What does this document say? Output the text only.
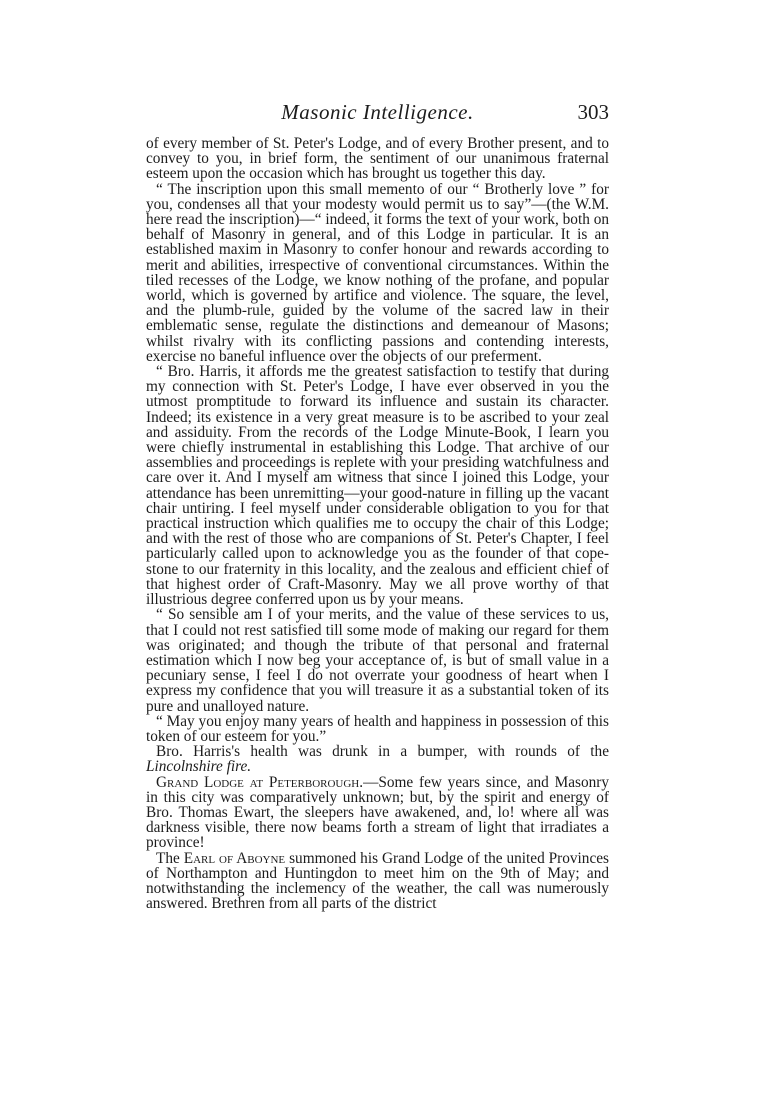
Masonic Intelligence.	303

of every member of St. Peter's Lodge, and of every Brother present, and to convey to you, in brief form, the sentiment of our unanimous fraternal esteem upon the occasion which has brought us together this day.

“ The inscription upon this small memento of our “ Brotherly love ” for you, condenses all that your modesty would permit us to say”—(the W.M. here read the inscription)—“ indeed, it forms the text of your work, both on behalf of Masonry in general, and of this Lodge in particular. It is an established maxim in Masonry to confer honour and rewards according to merit and abilities, irrespective of conventional circumstances. Within the tiled recesses of the Lodge, we know nothing of the profane, and popular world, which is governed by artifice and violence. The square, the level, and the plumb-rule, guided by the volume of the sacred law in their emblematic sense, regulate the distinctions and demeanour of Masons; whilst rivalry with its conflicting passions and contending interests, exercise no baneful influence over the objects of our preferment.

“ Bro. Harris, it affords me the greatest satisfaction to testify that during my connection with St. Peter's Lodge, I have ever observed in you the utmost promptitude to forward its influence and sustain its character. Indeed; its existence in a very great measure is to be ascribed to your zeal and assiduity. From the records of the Lodge Minute-Book, I learn you were chiefly instrumental in establishing this Lodge. That archive of our assemblies and proceedings is replete with your presiding watchfulness and care over it. And I myself am witness that since I joined this Lodge, your attendance has been unremitting—your good-nature in filling up the vacant chair untiring. I feel myself under considerable obligation to you for that practical instruction which qualifies me to occupy the chair of this Lodge; and with the rest of those who are companions of St. Peter's Chapter, I feel particularly called upon to acknowledge you as the founder of that cope-stone to our fraternity in this locality, and the zealous and efficient chief of that highest order of Craft-Masonry. May we all prove worthy of that illustrious degree conferred upon us by your means.

“ So sensible am I of your merits, and the value of these services to us, that I could not rest satisfied till some mode of making our regard for them was originated; and though the tribute of that personal and fraternal estimation which I now beg your acceptance of, is but of small value in a pecuniary sense, I feel I do not overrate your goodness of heart when I express my confidence that you will treasure it as a substantial token of its pure and unalloyed nature.

“ May you enjoy many years of health and happiness in possession of this token of our esteem for you.”

Bro. Harris's health was drunk in a bumper, with rounds of the Lincolnshire fire.

Grand Lodge at Peterborough.—Some few years since, and Masonry in this city was comparatively unknown; but, by the spirit and energy of Bro. Thomas Ewart, the sleepers have awakened, and, lo! where all was darkness visible, there now beams forth a stream of light that irradiates a province!

The Earl of Aboyne summoned his Grand Lodge of the united Provinces of Northampton and Huntingdon to meet him on the 9th of May; and notwithstanding the inclemency of the weather, the call was numerously answered. Brethren from all parts of the district
